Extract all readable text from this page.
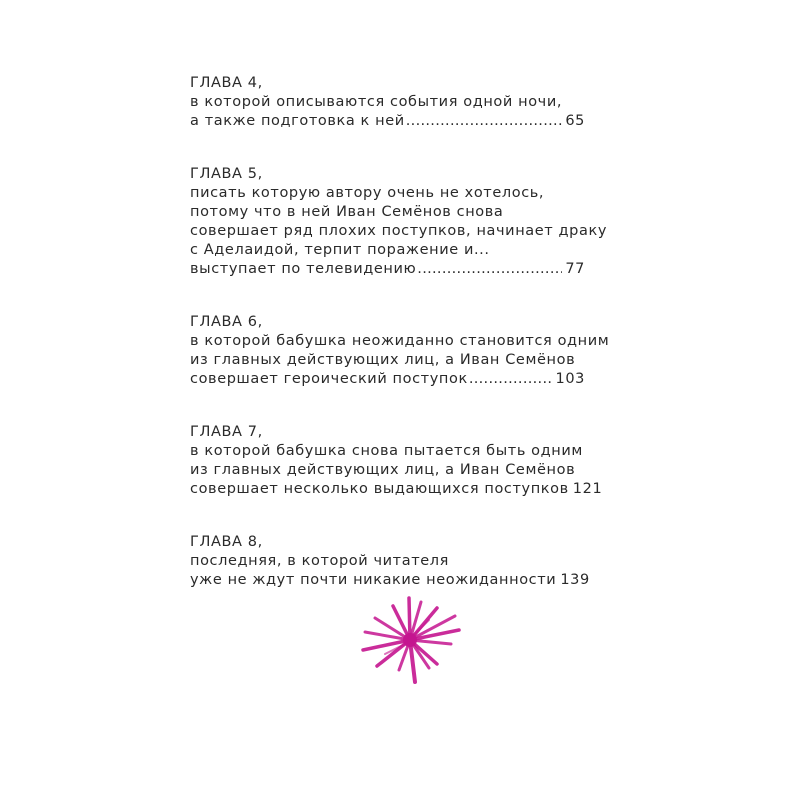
ГЛАВА 4,
в которой описываются события одной ночи,
а также подготовка к ней .....	65
ГЛАВА 5,
писать которую автору очень не хотелось,
потому что в ней Иван Семёнов снова
совершает ряд плохих поступков, начинает драку
с Аделаидой, терпит поражение и...
выступает по телевидению .....	77
ГЛАВА 6,
в которой бабушка неожиданно становится одним
из главных действующих лиц, а Иван Семёнов
совершает героический поступок .....	103
ГЛАВА 7,
в которой бабушка снова пытается быть одним
из главных действующих лиц, а Иван Семёнов
совершает несколько выдающихся поступков 121
ГЛАВА 8,
последняя, в которой читателя
уже не ждут почти никакие неожиданности 139
